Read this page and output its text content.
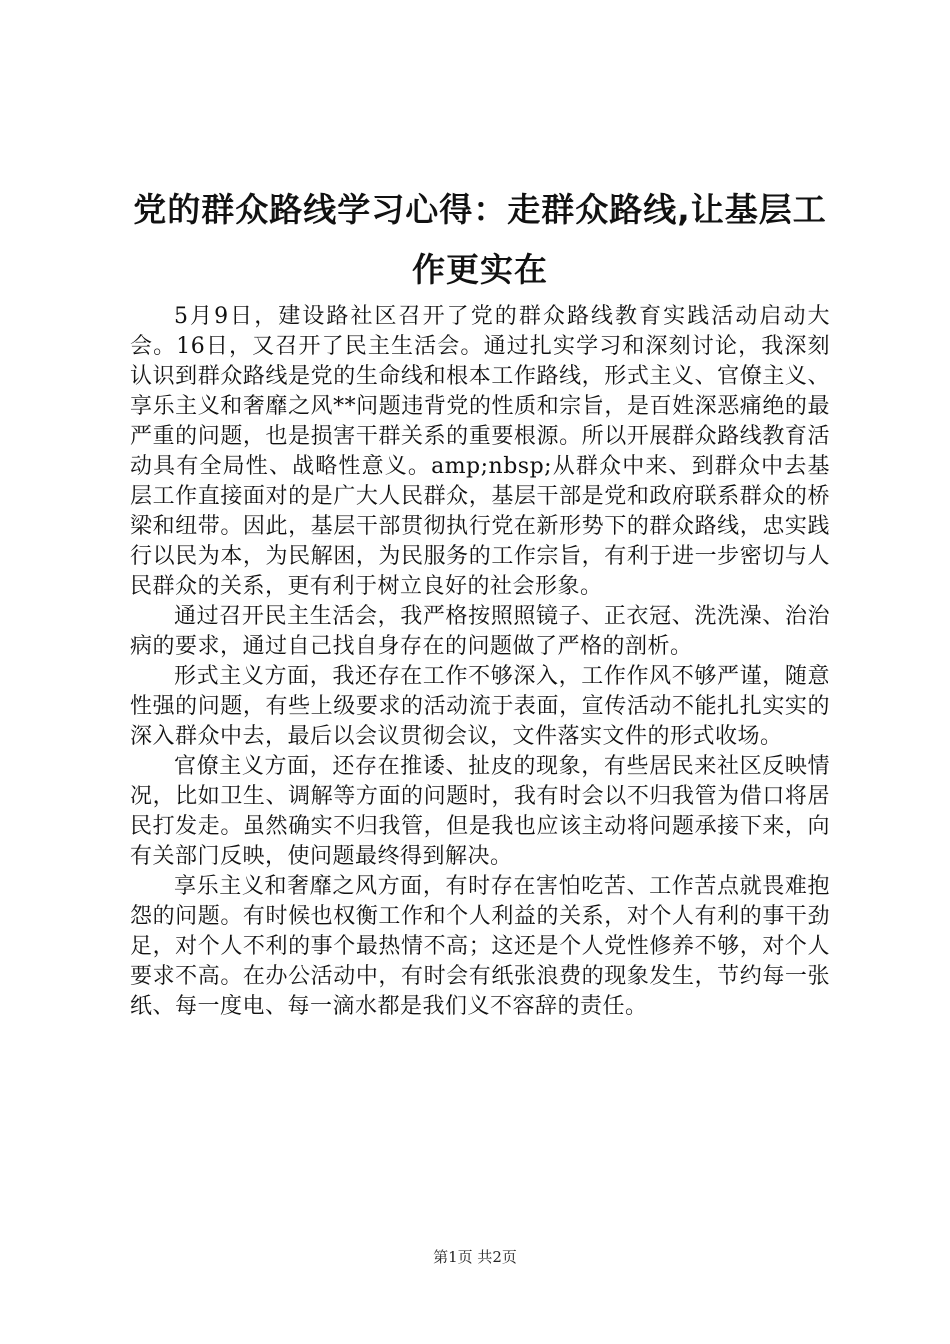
党的群众路线学习心得：走群众路线,让基层工作更实在

5月9日，建设路社区召开了党的群众路线教育实践活动启动大会。16日，又召开了民主生活会。通过扎实学习和深刻讨论，我深刻认识到群众路线是党的生命线和根本工作路线，形式主义、官僚主义、享乐主义和奢靡之风**问题违背党的性质和宗旨，是百姓深恶痛绝的最严重的问题，也是损害干群关系的重要根源。所以开展群众路线教育活动具有全局性、战略性意义。amp;nbsp;从群众中来、到群众中去基层工作直接面对的是广大人民群众，基层干部是党和政府联系群众的桥梁和纽带。因此，基层干部贯彻执行党在新形势下的群众路线，忠实践行以民为本，为民解困，为民服务的工作宗旨，有利于进一步密切与人民群众的关系，更有利于树立良好的社会形象。

通过召开民主生活会，我严格按照照镜子、正衣冠、洗洗澡、治治病的要求，通过自己找自身存在的问题做了严格的剖析。

形式主义方面，我还存在工作不够深入，工作作风不够严谨，随意性强的问题，有些上级要求的活动流于表面，宣传活动不能扎扎实实的深入群众中去，最后以会议贯彻会议，文件落实文件的形式收场。

官僚主义方面，还存在推诿、扯皮的现象，有些居民来社区反映情况，比如卫生、调解等方面的问题时，我有时会以不归我管为借口将居民打发走。虽然确实不归我管，但是我也应该主动将问题承接下来，向有关部门反映，使问题最终得到解决。

享乐主义和奢靡之风方面，有时存在害怕吃苦、工作苦点就畏难抱怨的问题。有时候也权衡工作和个人利益的关系，对个人有利的事干劲足，对个人不利的事个最热情不高；这还是个人党性修养不够，对个人要求不高。在办公活动中，有时会有纸张浪费的现象发生，节约每一张纸、每一度电、每一滴水都是我们义不容辞的责任。

第1页 共2页
